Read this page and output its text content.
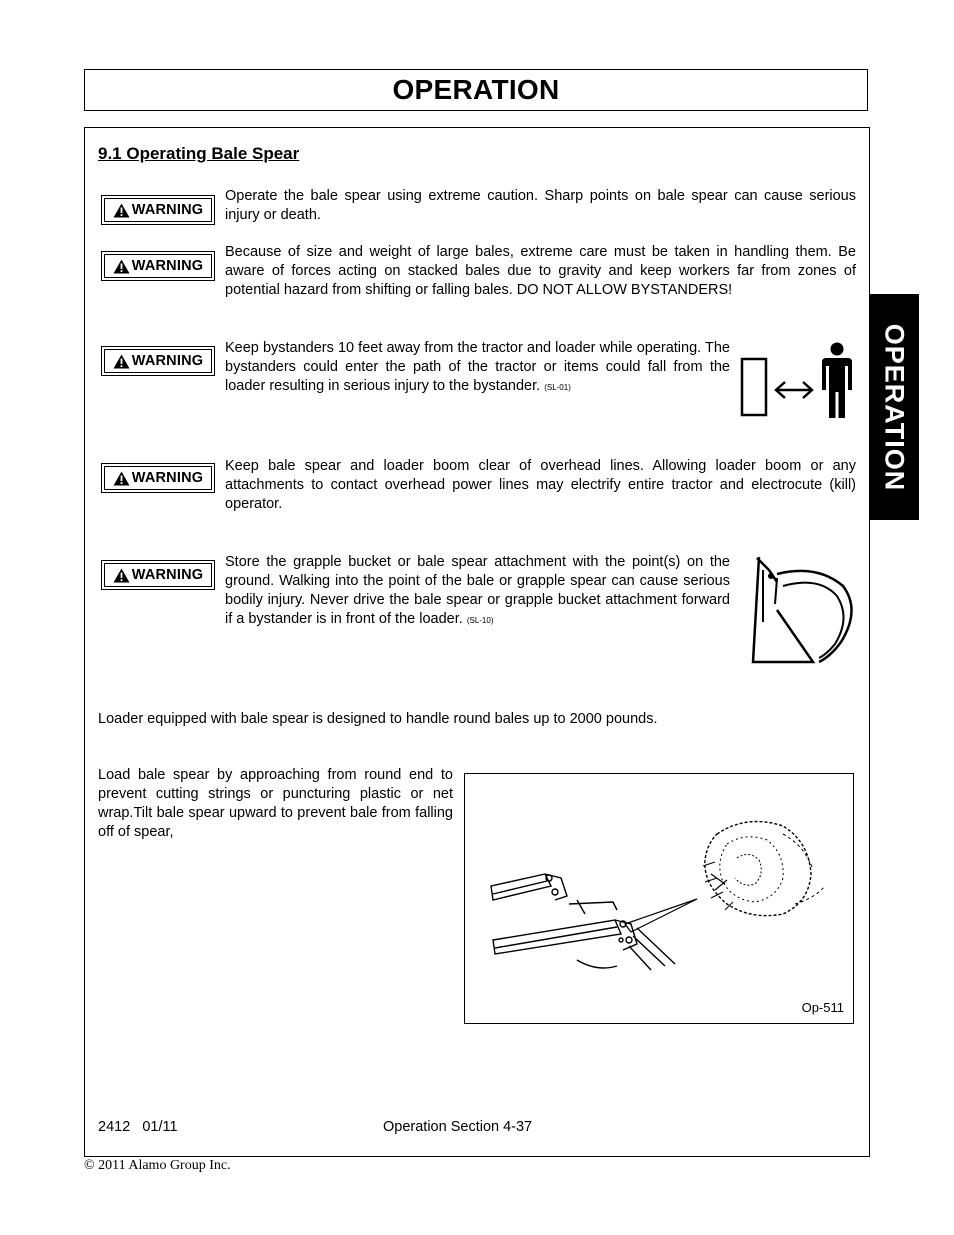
OPERATION
OPERATION
9.1 Operating Bale Spear
WARNING
Operate the bale spear using extreme caution. Sharp points on bale spear can cause serious injury or death.
WARNING
Because of size and weight of large bales, extreme care must be taken in handling them. Be aware of forces acting on stacked bales due to gravity and keep workers far from zones of potential hazard from shifting or falling bales. DO NOT ALLOW BYSTANDERS!
WARNING
Keep bystanders 10 feet away from the tractor and loader while operating. The bystanders could enter the path of the tractor or items could fall from the loader resulting in serious injury to the bystander. (SL-01)
WARNING
Keep bale spear and loader boom clear of overhead lines. Allowing loader boom or any attachments to contact overhead power lines may electrify entire tractor and electrocute (kill) operator.
WARNING
Store the grapple bucket or bale spear attachment with the point(s) on the ground. Walking into the point of the bale or grapple spear can cause serious bodily injury. Never drive the bale spear or grapple bucket attachment forward if a bystander is in front of the loader. (SL-10)
Loader equipped with bale spear is designed to handle round bales up to 2000 pounds.
Load bale spear by approaching from round end to prevent cutting strings or puncturing plastic or net wrap.Tilt bale spear upward to prevent bale from falling off of spear,
Op-511
2412   01/11	Operation Section 4-37
© 2011 Alamo Group Inc.
